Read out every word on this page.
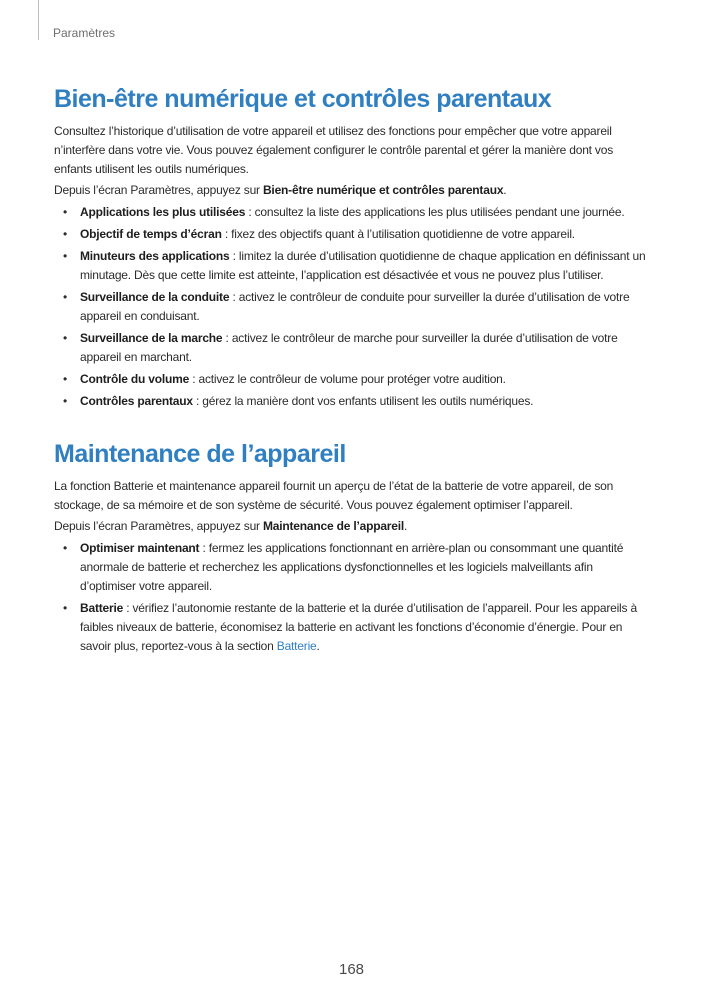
Paramètres
Bien-être numérique et contrôles parentaux

Consultez l’historique d’utilisation de votre appareil et utilisez des fonctions pour empêcher que votre appareil n’interfère dans votre vie. Vous pouvez également configurer le contrôle parental et gérer la manière dont vos enfants utilisent les outils numériques.

Depuis l’écran Paramètres, appuyez sur Bien-être numérique et contrôles parentaux.

• Applications les plus utilisées : consultez la liste des applications les plus utilisées pendant une journée.
• Objectif de temps d’écran : fixez des objectifs quant à l’utilisation quotidienne de votre appareil.
• Minuteurs des applications : limitez la durée d’utilisation quotidienne de chaque application en définissant un minutage. Dès que cette limite est atteinte, l’application est désactivée et vous ne pouvez plus l’utiliser.
• Surveillance de la conduite : activez le contrôleur de conduite pour surveiller la durée d’utilisation de votre appareil en conduisant.
• Surveillance de la marche : activez le contrôleur de marche pour surveiller la durée d’utilisation de votre appareil en marchant.
• Contrôle du volume : activez le contrôleur de volume pour protéger votre audition.
• Contrôles parentaux : gérez la manière dont vos enfants utilisent les outils numériques.
Maintenance de l’appareil

La fonction Batterie et maintenance appareil fournit un aperçu de l’état de la batterie de votre appareil, de son stockage, de sa mémoire et de son système de sécurité. Vous pouvez également optimiser l’appareil.

Depuis l’écran Paramètres, appuyez sur Maintenance de l’appareil.

• Optimiser maintenant : fermez les applications fonctionnant en arrière-plan ou consommant une quantité anormale de batterie et recherchez les applications dysfonctionnelles et les logiciels malveillants afin d’optimiser votre appareil.
• Batterie : vérifiez l’autonomie restante de la batterie et la durée d’utilisation de l’appareil. Pour les appareils à faibles niveaux de batterie, économisez la batterie en activant les fonctions d’économie d’énergie. Pour en savoir plus, reportez-vous à la section Batterie.
168
